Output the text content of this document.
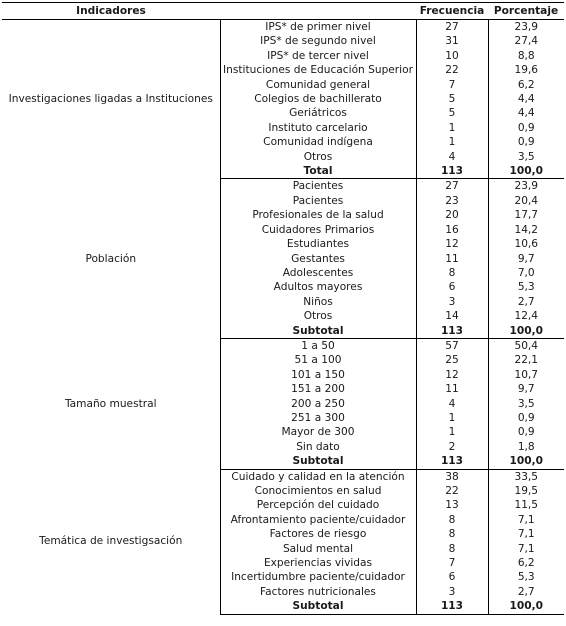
Indicadores		Frecuencia	Porcentaje
Investigaciones ligadas a Instituciones	IPS* de primer nivel	27	23,9
	IPS* de segundo nivel	31	27,4
	IPS* de tercer nivel	10	8,8
	Instituciones de Educación Superior	22	19,6
	Comunidad general	7	6,2
	Colegios de bachillerato	5	4,4
	Geriátricos	5	4,4
	Instituto carcelario	1	0,9
	Comunidad indígena	1	0,9
	Otros	4	3,5
	Total	113	100,0
Población	Pacientes	27	23,9
	Pacientes	23	20,4
	Profesionales de la salud	20	17,7
	Cuidadores Primarios	16	14,2
	Estudiantes	12	10,6
	Gestantes	11	9,7
	Adolescentes	8	7,0
	Adultos mayores	6	5,3
	Niños	3	2,7
	Otros	14	12,4
	Subtotal	113	100,0
Tamaño muestral	1 a 50	57	50,4
	51 a 100	25	22,1
	101 a 150	12	10,7
	151 a 200	11	9,7
	200 a 250	4	3,5
	251 a 300	1	0,9
	Mayor de 300	1	0,9
	Sin dato	2	1,8
	Subtotal	113	100,0
Temática de investigsación	Cuidado y calidad en la atención	38	33,5
	Conocimientos en salud	22	19,5
	Percepción del cuidado	13	11,5
	Afrontamiento paciente/cuidador	8	7,1
	Factores de riesgo	8	7,1
	Salud mental	8	7,1
	Experiencias vividas	7	6,2
	Incertidumbre paciente/cuidador	6	5,3
	Factores nutricionales	3	2,7
	Subtotal	113	100,0
